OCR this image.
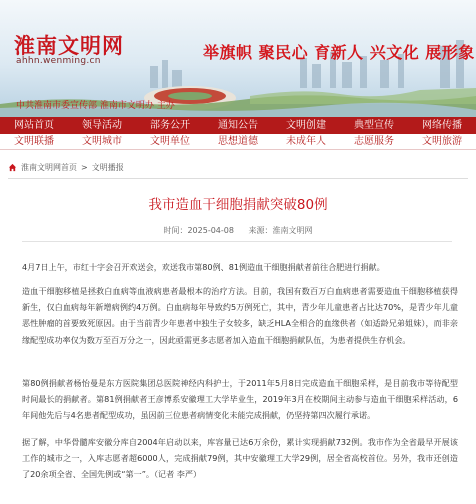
淮南文明网
ahhn.wenming.cn	举旗帜 聚民心 育新人 兴文化 展形象
中共淮南市委宣传部 淮南市文明办 主办
网站首页	领导活动	部务公开	通知公告	文明创建	典型宣传	网络传播
文明联播	文明城市	文明单位	思想道德	未成年人	志愿服务	文明旅游
淮南文明网首页 > 文明播报
我市造血干细胞捐献突破80例
时间：2025-04-08 来源：淮南文明网

4月7日上午，市红十字会召开欢送会，欢送我市第80例、81例造血干细胞捐献者前往合肥进行捐献。

造血干细胞移植是拯救白血病等血液病患者最根本的治疗方法。目前，我国有数百万白血病患者需要造血干细胞移植获得新生，仅白血病每年新增病例约4万例。白血病每年导致约5万例死亡，其中，青少年儿童患者占比达70%，是青少年儿童恶性肿瘤的首要致死原因。由于当前青少年患者中独生子女较多，缺乏HLA全相合的血缘供者（如适龄兄弟姐妹），而非亲缘配型成功率仅为数万至百万分之一，因此亟需更多志愿者加入造血干细胞捐献队伍，为患者提供生存机会。

第80例捐献者杨怡曼是东方医院集团总医院神经内科护士，于2011年5月8日完成造血干细胞采样，是目前我市等待配型时间最长的捐献者。第81例捐献者王彦博系安徽理工大学毕业生，2019年3月在校期间主动参与造血干细胞采样活动，6年间他先后与4名患者配型成功，虽因前三位患者病情变化未能完成捐献，仍坚持第四次履行承诺。

据了解，中华骨髓库安徽分库自2004年启动以来，库容量已达6万余份，累计实现捐献732例。我市作为全省最早开展该工作的城市之一，入库志愿者超6000人，完成捐献79例，其中安徽理工大学29例，居全省高校首位。另外，我市还创造了20余项全省、全国先例或“第一”。（记者 李严）
